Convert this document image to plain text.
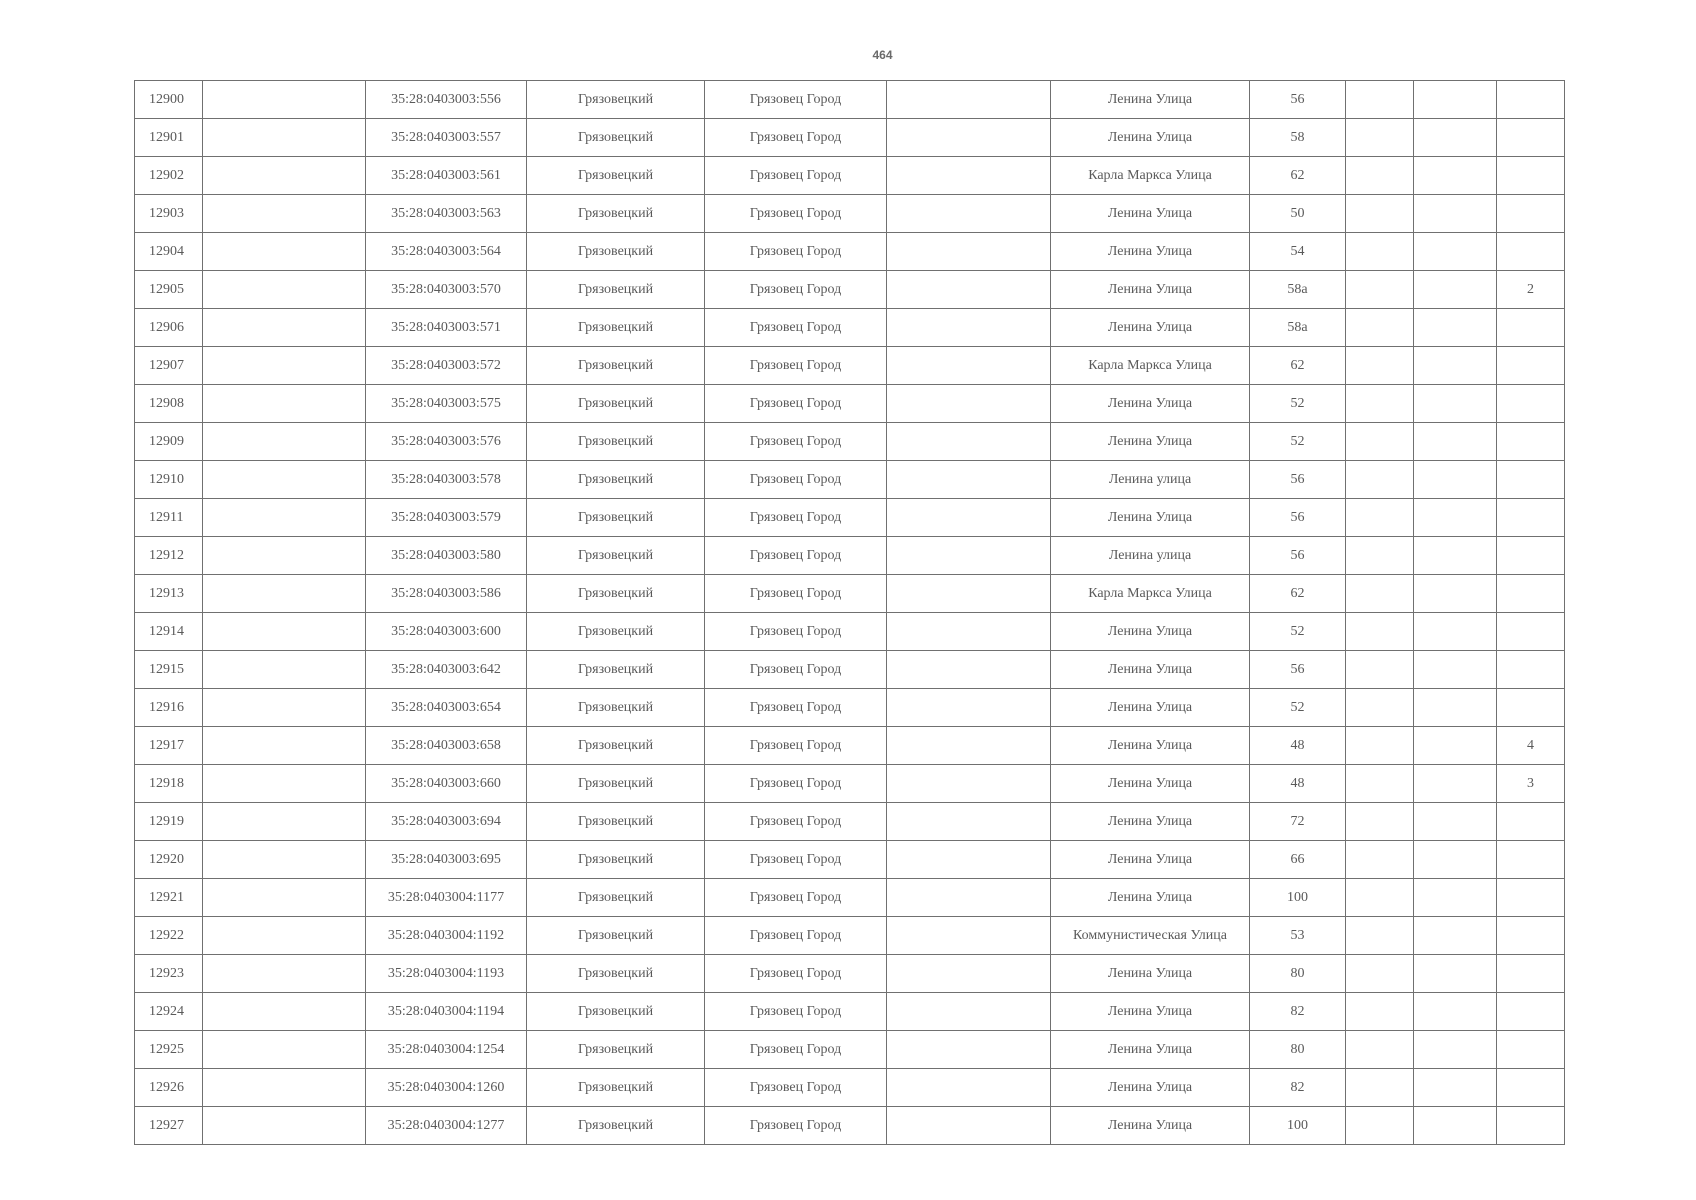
464
12900		35:28:0403003:556	Грязовецкий	Грязовец Город		Ленина Улица	56			
12901		35:28:0403003:557	Грязовецкий	Грязовец Город		Ленина Улица	58			
12902		35:28:0403003:561	Грязовецкий	Грязовец Город		Карла Маркса Улица	62			
12903		35:28:0403003:563	Грязовецкий	Грязовец Город		Ленина Улица	50			
12904		35:28:0403003:564	Грязовецкий	Грязовец Город		Ленина Улица	54			
12905		35:28:0403003:570	Грязовецкий	Грязовец Город		Ленина Улица	58а			2
12906		35:28:0403003:571	Грязовецкий	Грязовец Город		Ленина Улица	58а			
12907		35:28:0403003:572	Грязовецкий	Грязовец Город		Карла Маркса Улица	62			
12908		35:28:0403003:575	Грязовецкий	Грязовец Город		Ленина Улица	52			
12909		35:28:0403003:576	Грязовецкий	Грязовец Город		Ленина Улица	52			
12910		35:28:0403003:578	Грязовецкий	Грязовец Город		Ленина улица	56			
12911		35:28:0403003:579	Грязовецкий	Грязовец Город		Ленина Улица	56			
12912		35:28:0403003:580	Грязовецкий	Грязовец Город		Ленина улица	56			
12913		35:28:0403003:586	Грязовецкий	Грязовец Город		Карла Маркса Улица	62			
12914		35:28:0403003:600	Грязовецкий	Грязовец Город		Ленина Улица	52			
12915		35:28:0403003:642	Грязовецкий	Грязовец Город		Ленина Улица	56			
12916		35:28:0403003:654	Грязовецкий	Грязовец Город		Ленина Улица	52			
12917		35:28:0403003:658	Грязовецкий	Грязовец Город		Ленина Улица	48			4
12918		35:28:0403003:660	Грязовецкий	Грязовец Город		Ленина Улица	48			3
12919		35:28:0403003:694	Грязовецкий	Грязовец Город		Ленина Улица	72			
12920		35:28:0403003:695	Грязовецкий	Грязовец Город		Ленина Улица	66			
12921		35:28:0403004:1177	Грязовецкий	Грязовец Город		Ленина Улица	100			
12922		35:28:0403004:1192	Грязовецкий	Грязовец Город		Коммунистическая Улица	53			
12923		35:28:0403004:1193	Грязовецкий	Грязовец Город		Ленина Улица	80			
12924		35:28:0403004:1194	Грязовецкий	Грязовец Город		Ленина Улица	82			
12925		35:28:0403004:1254	Грязовецкий	Грязовец Город		Ленина Улица	80			
12926		35:28:0403004:1260	Грязовецкий	Грязовец Город		Ленина Улица	82			
12927		35:28:0403004:1277	Грязовецкий	Грязовец Город		Ленина Улица	100			
